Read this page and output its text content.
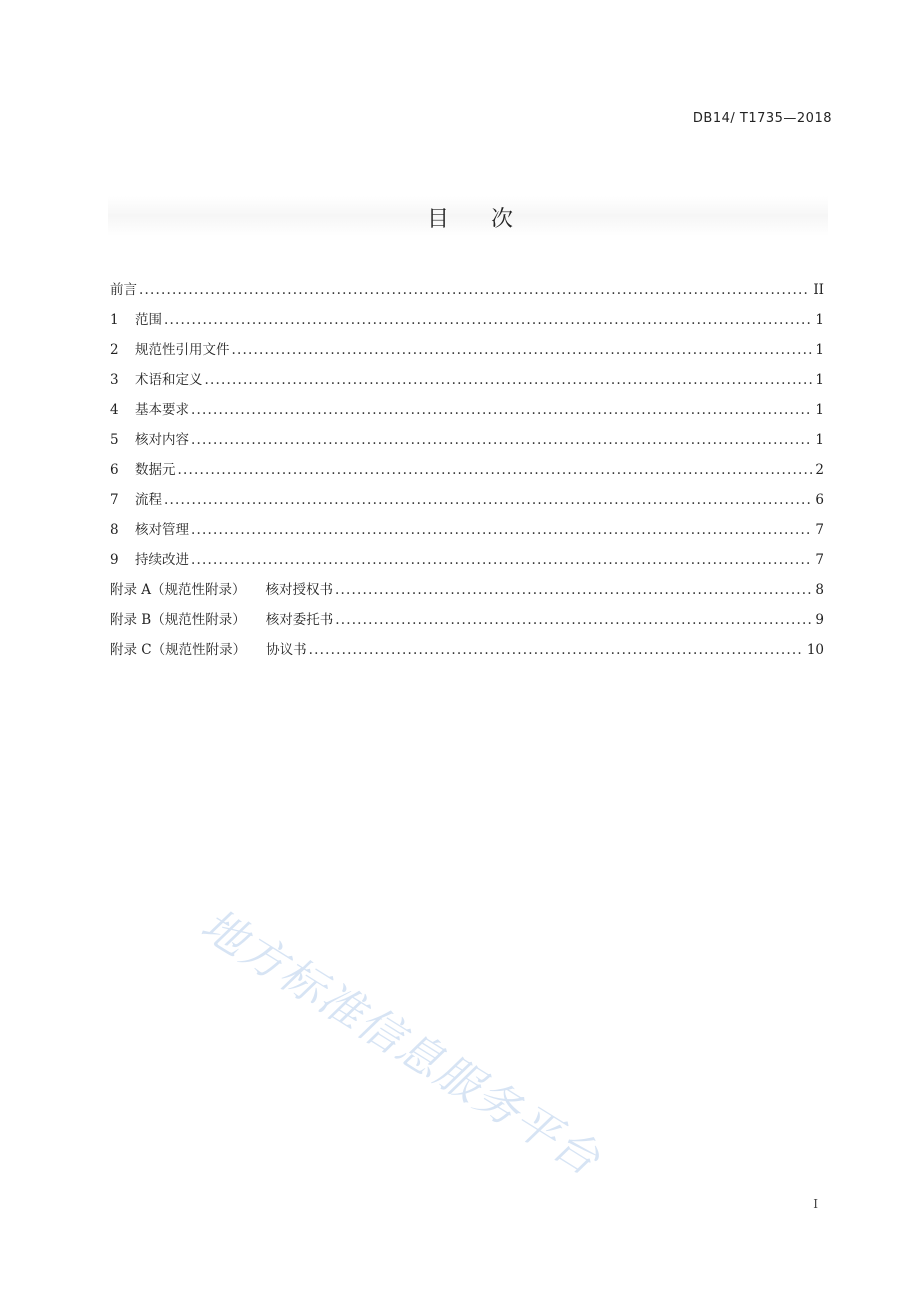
DB14/ T1735—2018
目 次
前言 .....	II
1	范围 .....	1
2	规范性引用文件 .....	1
3	术语和定义 .....	1
4	基本要求 .....	1
5	核对内容 .....	1
6	数据元 .....	2
7	流程 .....	6
8	核对管理 .....	7
9	持续改进 .....	7
附录 A（规范性附录） 核对授权书 .....	8
附录 B（规范性附录） 核对委托书 .....	9
附录 C（规范性附录） 协议书 .....	10
地方标准信息服务平台
I
